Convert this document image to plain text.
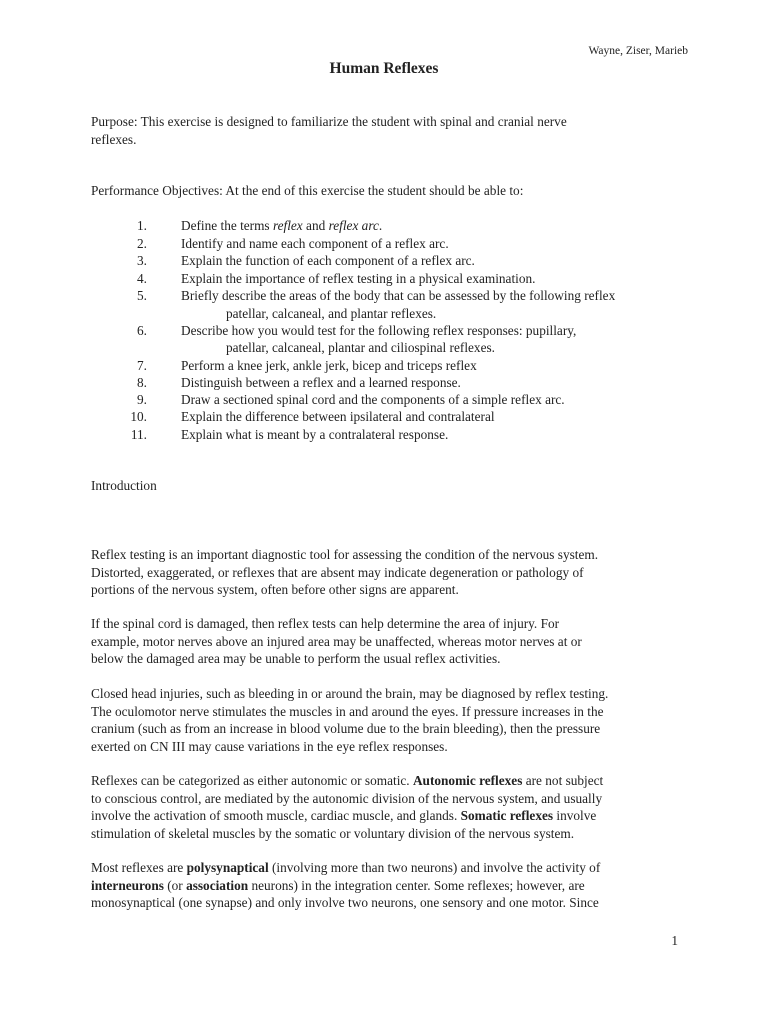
Wayne, Ziser, Marieb
Human Reflexes
Purpose: This exercise is designed to familiarize the student with spinal and cranial nerve
reflexes.
Performance Objectives: At the end of this exercise the student should be able to:
1.	Define the terms reflex and reflex arc.
2.	Identify and name each component of a reflex arc.
3.	Explain the function of each component of a reflex arc.
4.	Explain the importance of reflex testing in a physical examination.
5.	Briefly describe the areas of the body that can be assessed by the following reflex
patellar, calcaneal, and plantar reflexes.
6.	Describe how you would test for the following reflex responses: pupillary,
patellar, calcaneal, plantar and ciliospinal reflexes.
7.	Perform a knee jerk, ankle jerk, bicep and triceps reflex
8.	Distinguish between a reflex and a learned response.
9.	Draw a sectioned spinal cord and the components of a simple reflex arc.
10.	Explain the difference between ipsilateral and contralateral
11.	Explain what is meant by a contralateral response.
Introduction
Reflex testing is an important diagnostic tool for assessing the condition of the nervous system.
Distorted, exaggerated, or reflexes that are absent may indicate degeneration or pathology of
portions of the nervous system, often before other signs are apparent.
If the spinal cord is damaged, then reflex tests can help determine the area of injury. For
example, motor nerves above an injured area may be unaffected, whereas motor nerves at or
below the damaged area may be unable to perform the usual reflex activities.
Closed head injuries, such as bleeding in or around the brain, may be diagnosed by reflex testing.
The oculomotor nerve stimulates the muscles in and around the eyes. If pressure increases in the
cranium (such as from an increase in blood volume due to the brain bleeding), then the pressure
exerted on CN III may cause variations in the eye reflex responses.
Reflexes can be categorized as either autonomic or somatic. Autonomic reflexes are not subject
to conscious control, are mediated by the autonomic division of the nervous system, and usually
involve the activation of smooth muscle, cardiac muscle, and glands. Somatic reflexes involve
stimulation of skeletal muscles by the somatic or voluntary division of the nervous system.
Most reflexes are polysynaptical (involving more than two neurons) and involve the activity of
interneurons (or association neurons) in the integration center. Some reflexes; however, are
monosynaptical (one synapse) and only involve two neurons, one sensory and one motor. Since
1
